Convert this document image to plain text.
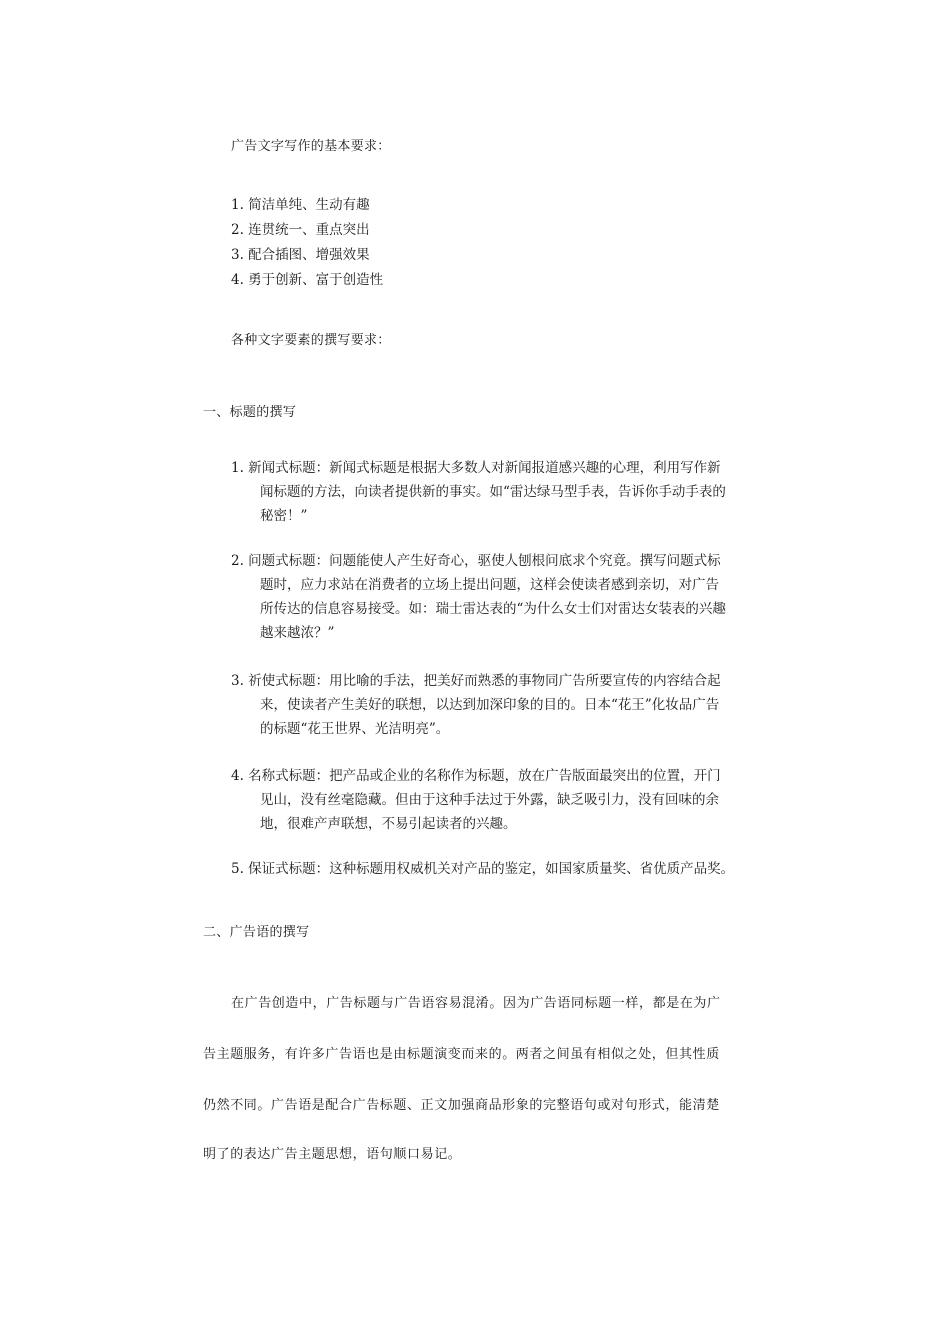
广告文字写作的基本要求：
1. 简洁单纯、生动有趣
2. 连贯统一、重点突出
3. 配合插图、增强效果
4. 勇于创新、富于创造性
各种文字要素的撰写要求：
一、标题的撰写
1. 新闻式标题：新闻式标题是根据大多数人对新闻报道感兴趣的心理，利用写作新
闻标题的方法，向读者提供新的事实。如“雷达绿马型手表，告诉你手动手表的
秘密！”
2. 问题式标题：问题能使人产生好奇心，驱使人刨根问底求个究竟。撰写问题式标
题时，应力求站在消费者的立场上提出问题，这样会使读者感到亲切，对广告
所传达的信息容易接受。如：瑞士雷达表的“为什么女士们对雷达女装表的兴趣
越来越浓？”
3. 祈使式标题：用比喻的手法，把美好而熟悉的事物同广告所要宣传的内容结合起
来，使读者产生美好的联想，以达到加深印象的目的。日本“花王”化妆品广告
的标题“花王世界、光洁明亮”。
4. 名称式标题：把产品或企业的名称作为标题，放在广告版面最突出的位置，开门
见山，没有丝毫隐藏。但由于这种手法过于外露，缺乏吸引力，没有回味的余
地，很难产声联想，不易引起读者的兴趣。
5. 保证式标题：这种标题用权威机关对产品的鉴定，如国家质量奖、省优质产品奖。
二、广告语的撰写
在广告创造中，广告标题与广告语容易混淆。因为广告语同标题一样，都是在为广
告主题服务，有许多广告语也是由标题演变而来的。两者之间虽有相似之处，但其性质
仍然不同。广告语是配合广告标题、正文加强商品形象的完整语句或对句形式，能清楚
明了的表达广告主题思想，语句顺口易记。
